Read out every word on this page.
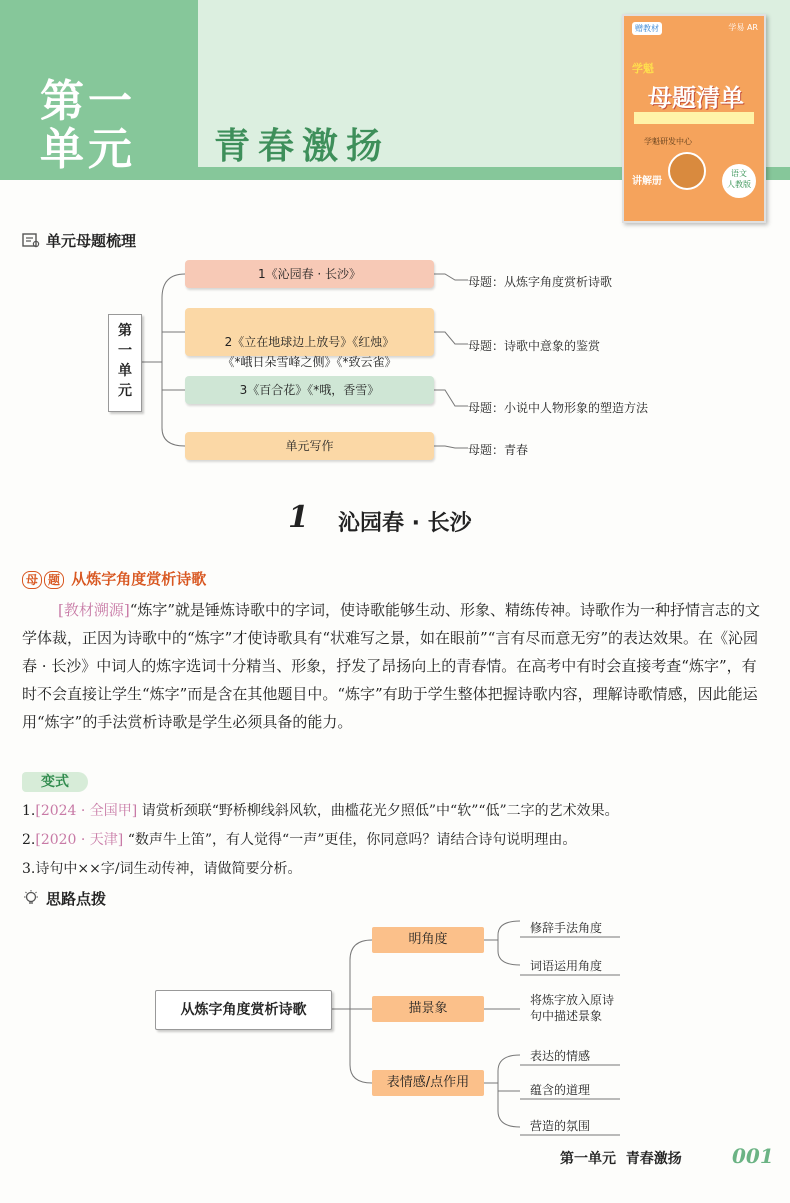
第一
单元	青春激扬
赠教材	学易 AR
学魁
母题清单
学魁研发中心
讲解册
语文
人教版
单元母题梳理
第一单元
1《沁园春 · 长沙》

2《立在地球边上放号》《红烛》
《*峨日朵雪峰之侧》《*致云雀》

3《百合花》《*哦，香雪》
单元写作
母题：从炼字角度赏析诗歌
母题：诗歌中意象的鉴赏
母题：小说中人物形象的塑造方法
母题：青春
1 沁园春 · 长沙
母 题 从炼字角度赏析诗歌
[教材溯源]“炼字”就是锤炼诗歌中的字词，使诗歌能够生动、形象、精练传神。诗歌作为一种抒情言志的文学体裁，正因为诗歌中的“炼字”才使诗歌具有“状难写之景，如在眼前”“言有尽而意无穷”的表达效果。在《沁园春 · 长沙》中词人的炼字选词十分精当、形象，抒发了昂扬向上的青春情。在高考中有时会直接考查“炼字”，有时不会直接让学生“炼字”而是含在其他题目中。“炼字”有助于学生整体把握诗歌内容，理解诗歌情感，因此能运用“炼字”的手法赏析诗歌是学生必须具备的能力。
变式
1.[2024 · 全国甲] 请赏析颈联“野桥柳线斜风软，曲槛花光夕照低”中“软”“低”二字的艺术效果。
2.[2020 · 天津] “数声牛上笛”，有人觉得“一声”更佳，你同意吗？请结合诗句说明理由。
3.诗句中××字/词生动传神，请做简要分析。
思路点拨
从炼字角度赏析诗歌
明角度
描景象
表情感/点作用
修辞手法角度
词语运用角度
将炼字放入原诗
句中描述景象
表达的情感
蕴含的道理
营造的氛围
第一单元 青春激扬	001
